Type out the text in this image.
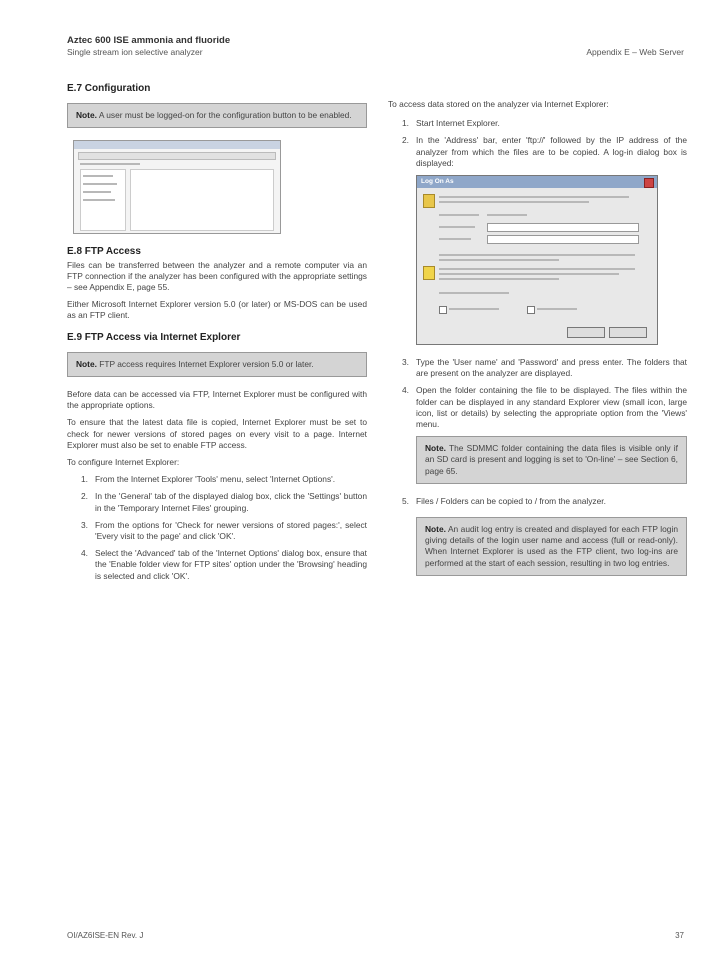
Aztec 600 ISE ammonia and fluoride
Single stream ion selective analyzer	Appendix E – Web Server
E.7 Configuration
Note. A user must be logged-on for the configuration button to be enabled.
E.8 FTP Access

Files can be transferred between the analyzer and a remote computer via an FTP connection if the analyzer has been configured with the appropriate settings – see Appendix E, page 55.

Either Microsoft Internet Explorer version 5.0 (or later) or MS-DOS can be used as an FTP client.

E.9 FTP Access via Internet Explorer
Note. FTP access requires Internet Explorer version 5.0 or later.

Before data can be accessed via FTP, Internet Explorer must be configured with the appropriate options.

To ensure that the latest data file is copied, Internet Explorer must be set to check for newer versions of stored pages on every visit to a page. Internet Explorer must also be set to enable FTP access.

To configure Internet Explorer:

1. From the Internet Explorer 'Tools' menu, select 'Internet Options'.
2. In the 'General' tab of the displayed dialog box, click the 'Settings' button in the 'Temporary Internet Files' grouping.
3. From the options for 'Check for newer versions of stored pages:', select 'Every visit to the page' and click 'OK'.
4. Select the 'Advanced' tab of the 'Internet Options' dialog box, ensure that the 'Enable folder view for FTP sites' option under the 'Browsing' heading is selected and click 'OK'.

To access data stored on the analyzer via Internet Explorer:

1. Start Internet Explorer.
2. In the 'Address' bar, enter 'ftp://' followed by the IP address of the analyzer from which the files are to be copied. A log-in dialog box is displayed:
Log On As
3. Type the 'User name' and 'Password' and press enter. The folders that are present on the analyzer are displayed.
4. Open the folder containing the file to be displayed. The files within the folder can be displayed in any standard Explorer view (small icon, large icon, list or details) by selecting the appropriate option from the 'Views' menu.
Note. The SDMMC folder containing the data files is visible only if an SD card is present and logging is set to 'On-line' – see Section 6, page 65.
5. Files / Folders can be copied to / from the analyzer.
Note. An audit log entry is created and displayed for each FTP login giving details of the login user name and access (full or read-only). When Internet Explorer is used as the FTP client, two log-ins are performed at the start of each session, resulting in two log entries.
OI/AZ6ISE-EN Rev. J	37
